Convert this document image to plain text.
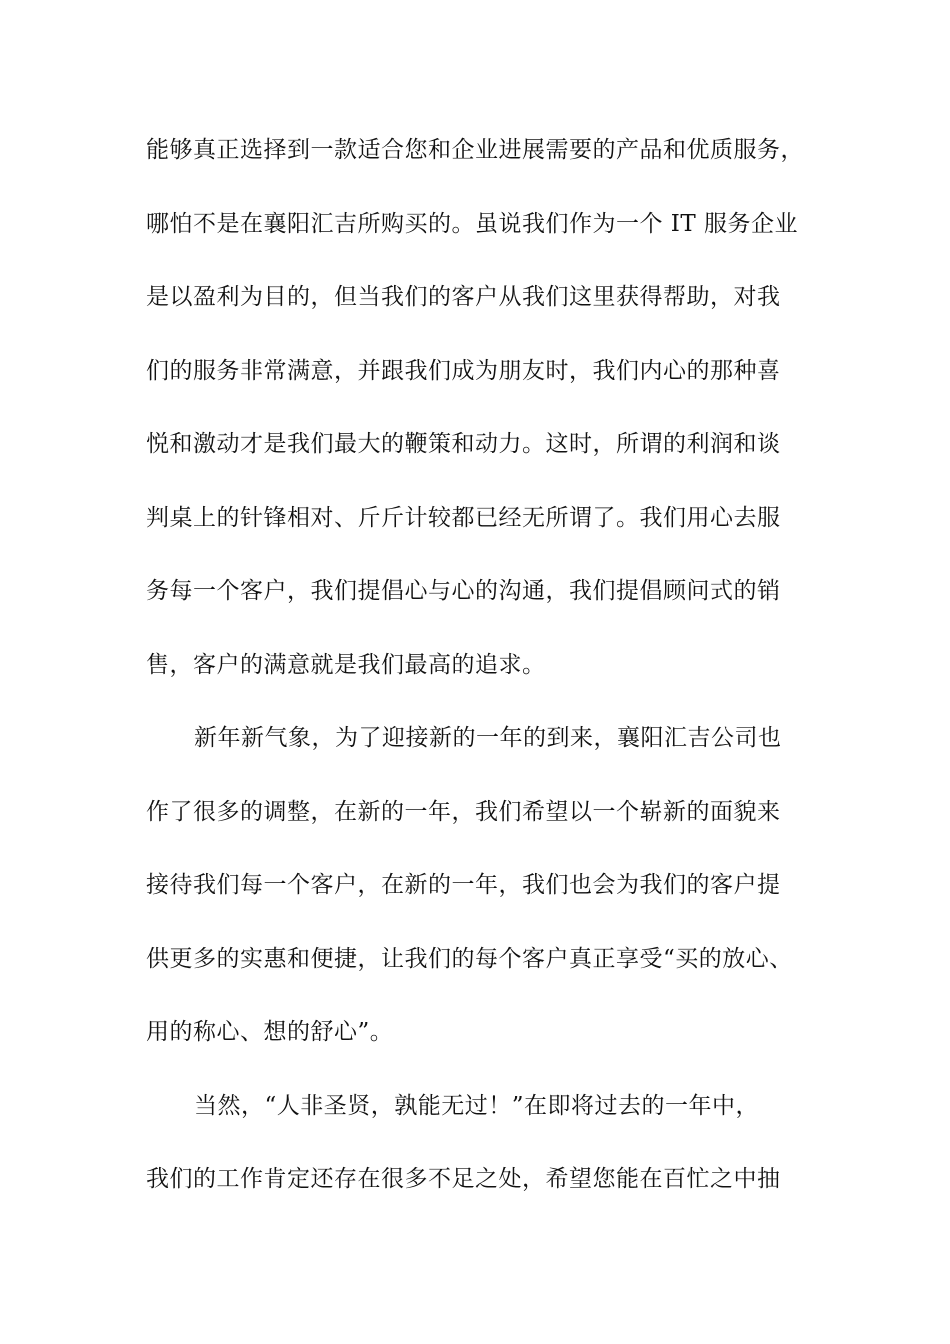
能够真正选择到一款适合您和企业进展需要的产品和优质服务，
哪怕不是在襄阳汇吉所购买的。虽说我们作为一个 IT 服务企业
是以盈利为目的，但当我们的客户从我们这里获得帮助，对我
们的服务非常满意，并跟我们成为朋友时，我们内心的那种喜
悦和激动才是我们最大的鞭策和动力。这时，所谓的利润和谈
判桌上的针锋相对、斤斤计较都已经无所谓了。我们用心去服
务每一个客户，我们提倡心与心的沟通，我们提倡顾问式的销
售，客户的满意就是我们最高的追求。
新年新气象，为了迎接新的一年的到来，襄阳汇吉公司也
作了很多的调整，在新的一年，我们希望以一个崭新的面貌来
接待我们每一个客户，在新的一年，我们也会为我们的客户提
供更多的实惠和便捷，让我们的每个客户真正享受“买的放心、
用的称心、想的舒心”。
当然，“人非圣贤，孰能无过！”在即将过去的一年中，
我们的工作肯定还存在很多不足之处，希望您能在百忙之中抽
